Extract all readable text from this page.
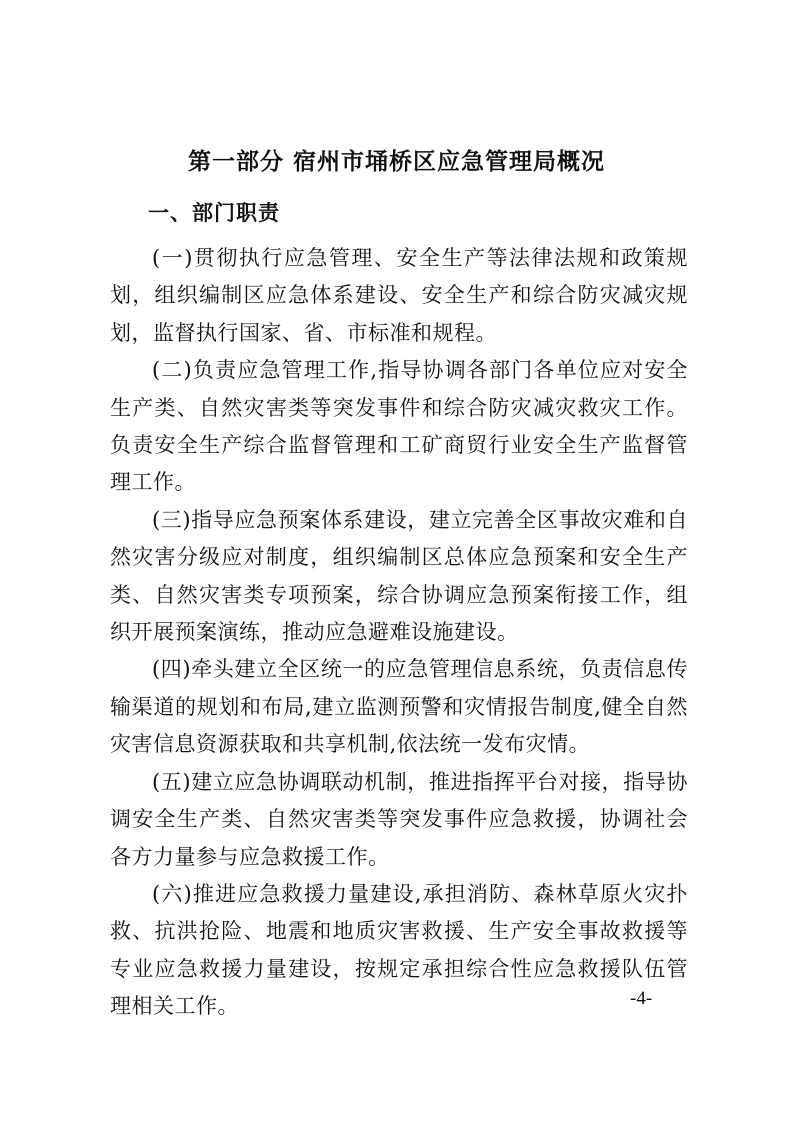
第一部分 宿州市埇桥区应急管理局概况
一、部门职责

(一)贯彻执行应急管理、安全生产等法律法规和政策规划，组织编制区应急体系建设、安全生产和综合防灾减灾规划，监督执行国家、省、市标准和规程。

(二)负责应急管理工作,指导协调各部门各单位应对安全生产类、自然灾害类等突发事件和综合防灾减灾救灾工作。负责安全生产综合监督管理和工矿商贸行业安全生产监督管理工作。

(三)指导应急预案体系建设，建立完善全区事故灾难和自然灾害分级应对制度，组织编制区总体应急预案和安全生产类、自然灾害类专项预案，综合协调应急预案衔接工作，组织开展预案演练，推动应急避难设施建设。

(四)牵头建立全区统一的应急管理信息系统，负责信息传输渠道的规划和布局,建立监测预警和灾情报告制度,健全自然灾害信息资源获取和共享机制,依法统一发布灾情。

(五)建立应急协调联动机制，推进指挥平台对接，指导协调安全生产类、自然灾害类等突发事件应急救援，协调社会各方力量参与应急救援工作。

(六)推进应急救援力量建设,承担消防、森林草原火灾扑救、抗洪抢险、地震和地质灾害救援、生产安全事故救援等专业应急救援力量建设，按规定承担综合性应急救援队伍管理相关工作。	-4-
